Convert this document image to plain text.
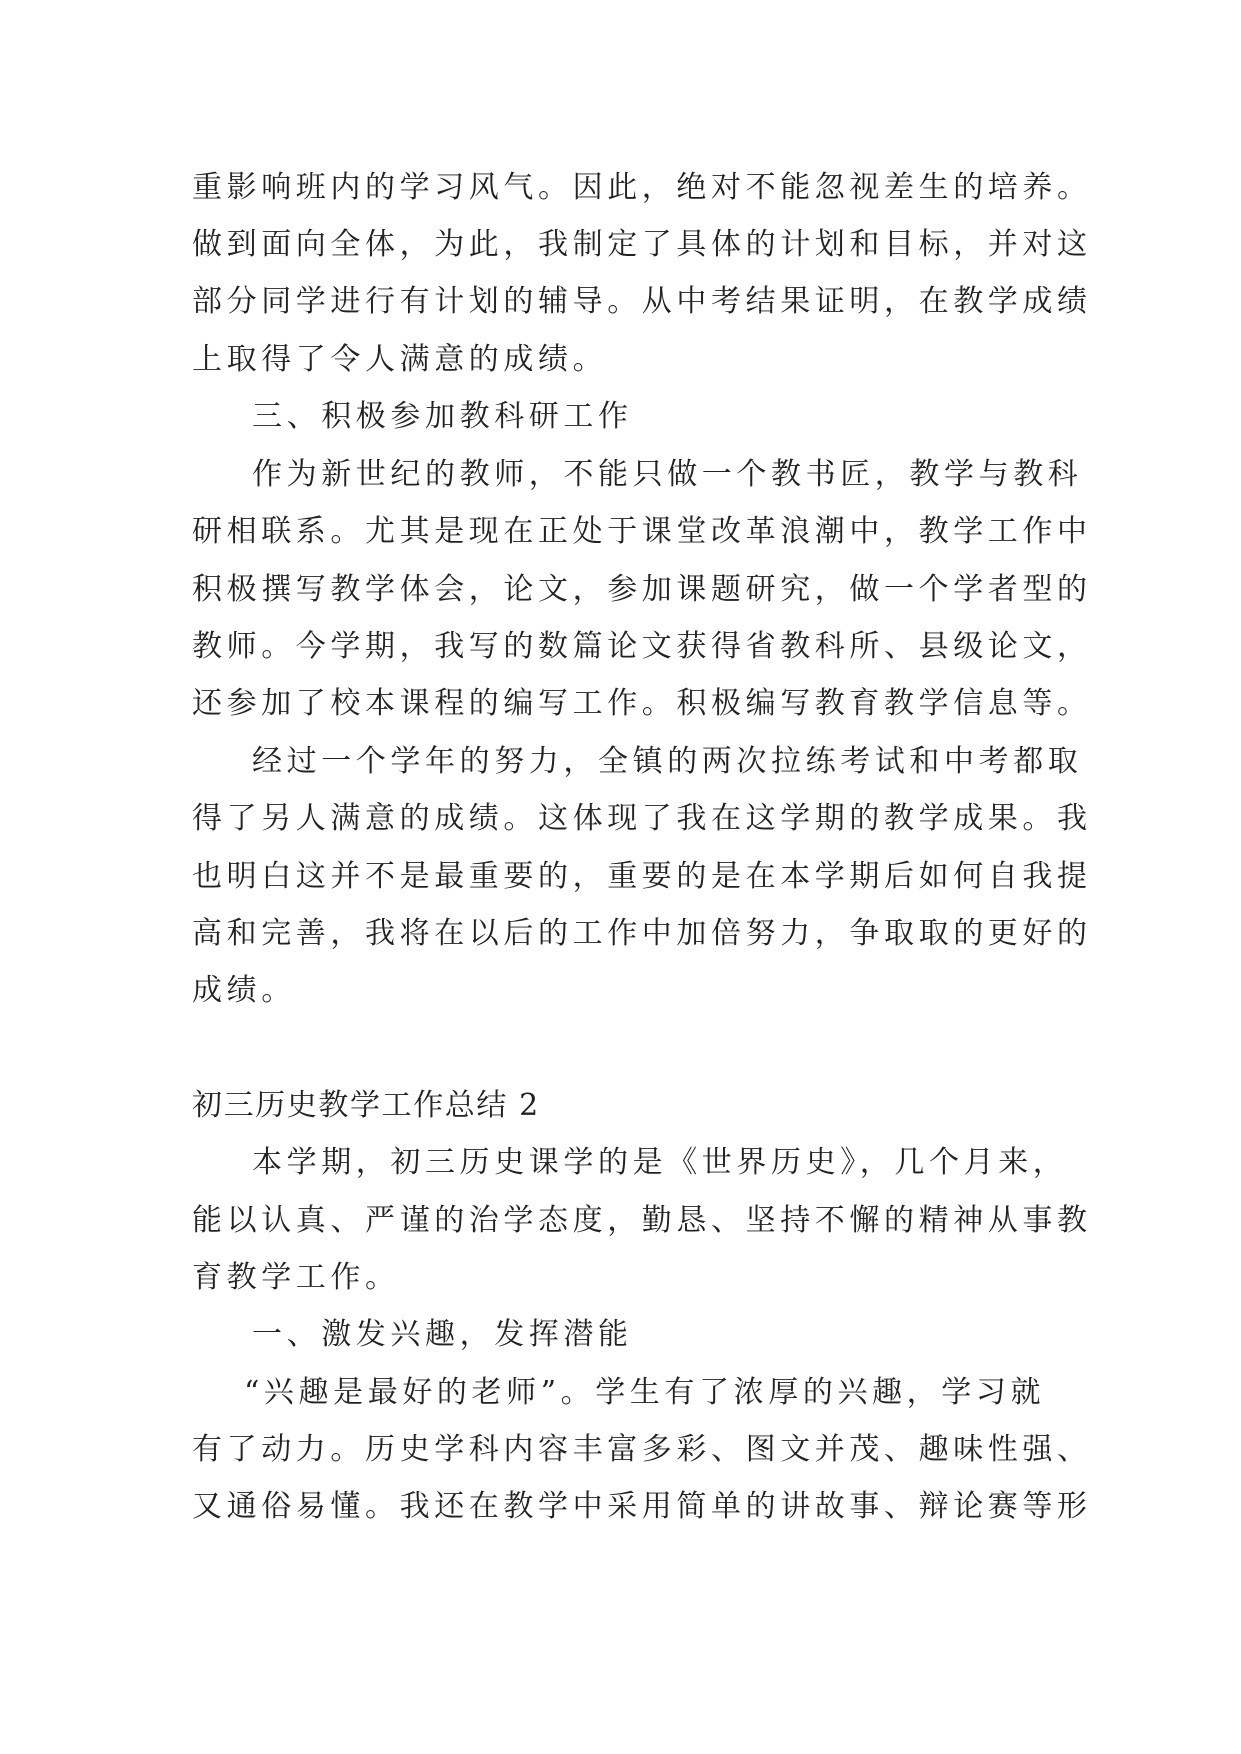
重影响班内的学习风气。因此，绝对不能忽视差生的培养。
做到面向全体，为此，我制定了具体的计划和目标，并对这
部分同学进行有计划的辅导。从中考结果证明，在教学成绩
上取得了令人满意的成绩。
三、积极参加教科研工作
作为新世纪的教师，不能只做一个教书匠，教学与教科
研相联系。尤其是现在正处于课堂改革浪潮中，教学工作中
积极撰写教学体会，论文，参加课题研究，做一个学者型的
教师。今学期，我写的数篇论文获得省教科所、县级论文，
还参加了校本课程的编写工作。积极编写教育教学信息等。
经过一个学年的努力，全镇的两次拉练考试和中考都取
得了另人满意的成绩。这体现了我在这学期的教学成果。我
也明白这并不是最重要的，重要的是在本学期后如何自我提
高和完善，我将在以后的工作中加倍努力，争取取的更好的
成绩。
初三历史教学工作总结 2
本学期，初三历史课学的是《世界历史》，几个月来，
能以认真、严谨的治学态度，勤恳、坚持不懈的精神从事教
育教学工作。
一、激发兴趣，发挥潜能
“兴趣是最好的老师”。学生有了浓厚的兴趣，学习就
有了动力。历史学科内容丰富多彩、图文并茂、趣味性强、
又通俗易懂。我还在教学中采用简单的讲故事、辩论赛等形
